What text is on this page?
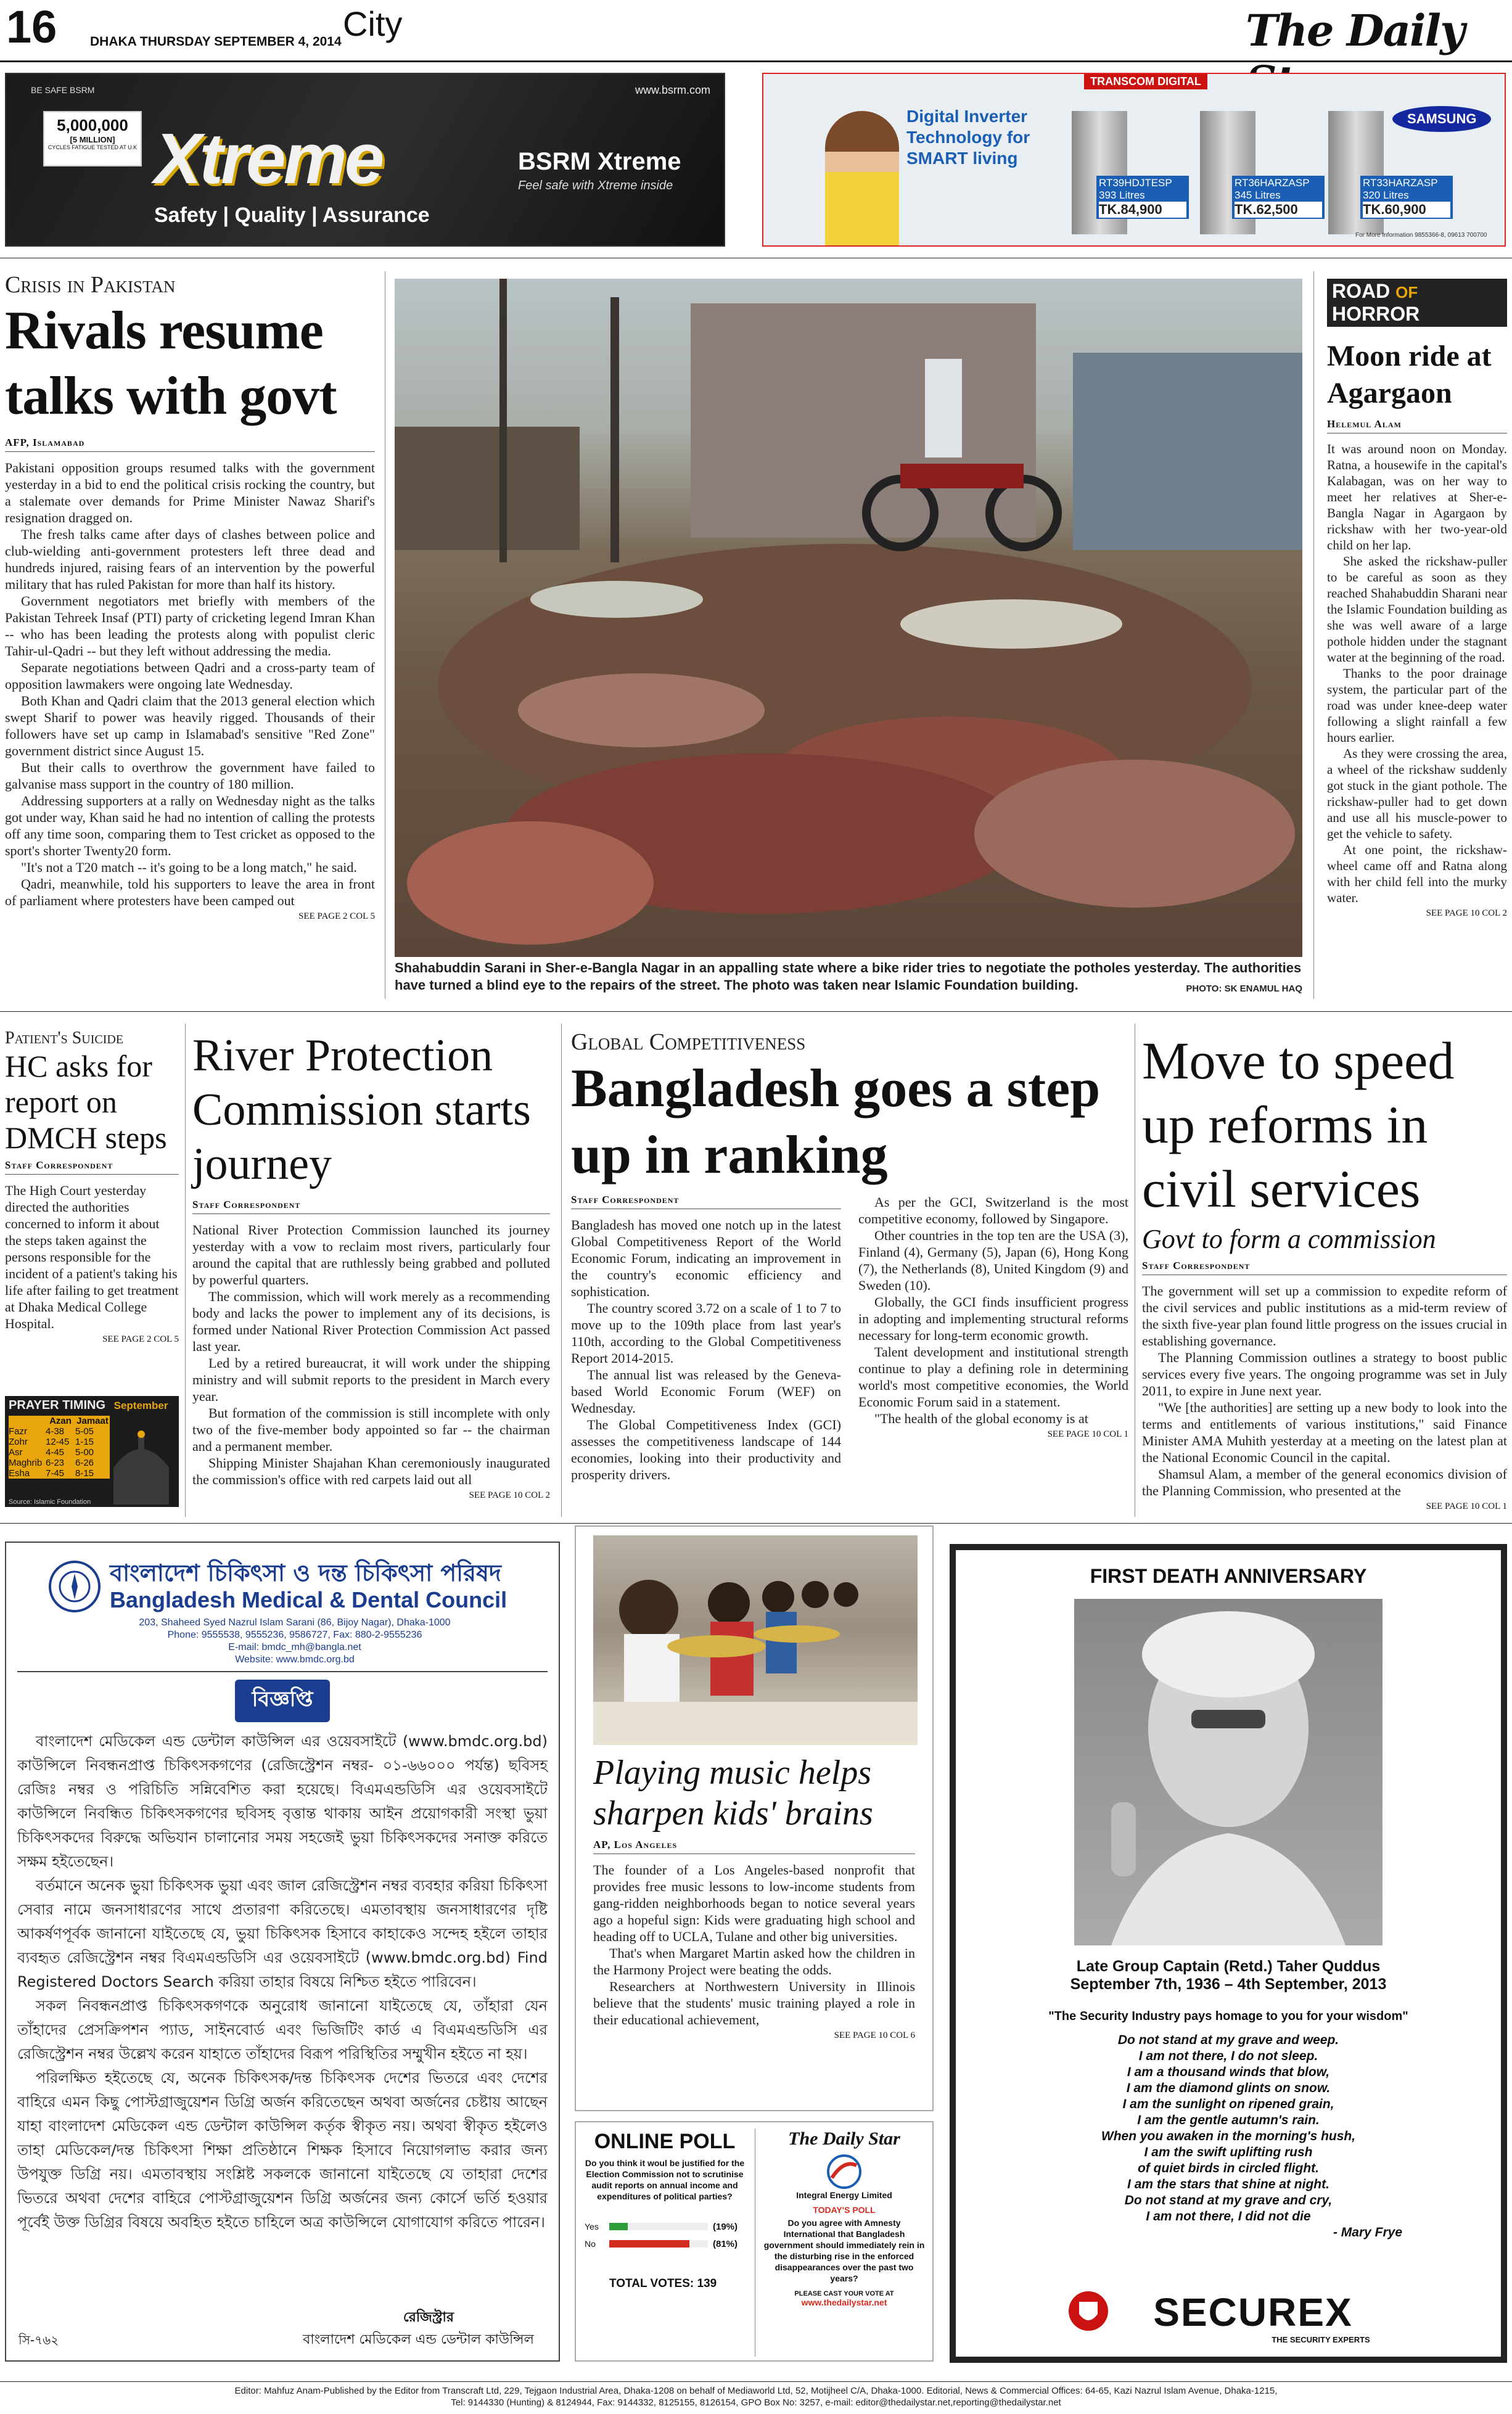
16	DHAKA THURSDAY SEPTEMBER 4, 2014 City	The Daily
BE SAFE BSRM	www.bsrm.com
5,000,000
[5 MILLION]
CYCLES FATIGUE TESTED AT U.K Xtreme
Safety | Quality | Assurance
BSRM Xtreme
Feel safe with Xtreme inside
TRANSCOM DIGITAL
Digital Inverter Technology for SMART living
SAMSUNG
RT39HDJTESP
393 Litres
TK.84,900
RT36HARZASP
345 Litres
TK.62,500
RT33HARZASP
320 Litres
TK.60,900
For More Information 9855366-8, 09613 700700
Crisis in Pakistan
Rivals resume talks with govt
AFP, Islamabad

Pakistani opposition groups resumed talks with the government yesterday in a bid to end the political crisis rocking the country, but a stalemate over demands for Prime Minister Nawaz Sharif's resignation dragged on.

The fresh talks came after days of clashes between police and club-wielding anti-government protesters left three dead and hundreds injured, raising fears of an intervention by the powerful military that has ruled Pakistan for more than half its history.

Government negotiators met briefly with members of the Pakistan Tehreek Insaf (PTI) party of cricketing legend Imran Khan -- who has been leading the protests along with populist cleric Tahir-ul-Qadri -- but they left without addressing the media.

Separate negotiations between Qadri and a cross-party team of opposition lawmakers were ongoing late Wednesday.

Both Khan and Qadri claim that the 2013 general election which swept Sharif to power was heavily rigged. Thousands of their followers have set up camp in Islamabad's sensitive "Red Zone" government district since August 15.

But their calls to overthrow the government have failed to galvanise mass support in the country of 180 million.

Addressing supporters at a rally on Wednesday night as the talks got under way, Khan said he had no intention of calling the protests off any time soon, comparing them to Test cricket as opposed to the sport's shorter Twenty20 form.

"It's not a T20 match -- it's going to be a long match," he said.

Qadri, meanwhile, told his supporters to leave the area in front of parliament where protesters have been camped out

SEE PAGE 2 COL 5
Shahabuddin Sarani in Sher-e-Bangla Nagar in an appalling state where a bike rider tries to negotiate the potholes yesterday. The authorities have turned a blind eye to the repairs of the street. The photo was taken near Islamic Foundation building.	PHOTO: SK ENAMUL HAQ
ROAD OF HORROR
Moon ride at Agargaon
Helemul Alam

It was around noon on Monday. Ratna, a housewife in the capital's Kalabagan, was on her way to meet her relatives at Sher-e-Bangla Nagar in Agargaon by rickshaw with her two-year-old child on her lap.

She asked the rickshaw-puller to be careful as soon as they reached Shahabuddin Sharani near the Islamic Foundation building as she was well aware of a large pothole hidden under the stagnant water at the beginning of the road.

Thanks to the poor drainage system, the particular part of the road was under knee-deep water following a slight rainfall a few hours earlier.

As they were crossing the area, a wheel of the rickshaw suddenly got stuck in the giant pothole. The rickshaw-puller had to get down and use all his muscle-power to get the vehicle to safety.

At one point, the rickshaw-wheel came off and Ratna along with her child fell into the murky water.

SEE PAGE 10 COL 2
Patient's Suicide
HC asks for report on DMCH steps
Staff Correspondent

The High Court yesterday directed the authorities concerned to inform it about the steps taken against the persons responsible for the incident of a patient's taking his life after failing to get treatment at Dhaka Medical College Hospital.

SEE PAGE 2 COL 5
PRAYER TIMING September
	Azan	Jamaat
Fazr	4-38	5-05
Zohr	12-45	1-15
Asr	4-45	5-00
Maghrib	6-23	6-26
Esha	7-45	8-15
Source: Islamic Foundation
River Protection Commission starts journey
Staff Correspondent

National River Protection Commission launched its journey yesterday with a vow to reclaim most rivers, particularly four around the capital that are ruthlessly being grabbed and polluted by powerful quarters.

The commission, which will work merely as a recommending body and lacks the power to implement any of its decisions, is formed under National River Protection Commission Act passed last year.

Led by a retired bureaucrat, it will work under the shipping ministry and will submit reports to the president in March every year.

But formation of the commission is still incomplete with only two of the five-member body appointed so far -- the chairman and a permanent member.

Shipping Minister Shajahan Khan ceremoniously inaugurated the commission's office with red carpets laid out all

SEE PAGE 10 COL 2
Global Competitiveness
Bangladesh goes a step up in ranking
Staff Correspondent

Bangladesh has moved one notch up in the latest Global Competitiveness Report of the World Economic Forum, indicating an improvement in the country's economic efficiency and sophistication.

The country scored 3.72 on a scale of 1 to 7 to move up to the 109th place from last year's 110th, according to the Global Competitiveness Report 2014-2015.

The annual list was released by the Geneva-based World Economic Forum (WEF) on Wednesday.

The Global Competitiveness Index (GCI) assesses the competitiveness landscape of 144 economies, looking into their productivity and prosperity drivers.

As per the GCI, Switzerland is the most competitive economy, followed by Singapore.

Other countries in the top ten are the USA (3), Finland (4), Germany (5), Japan (6), Hong Kong (7), the Netherlands (8), United Kingdom (9) and Sweden (10).

Globally, the GCI finds insufficient progress in adopting and implementing structural reforms necessary for long-term economic growth.

Talent development and institutional strength continue to play a defining role in determining world's most competitive economies, the World Economic Forum said in a statement.

"The health of the global economy is at

SEE PAGE 10 COL 1
Move to speed up reforms in civil services
Govt to form a commission
Staff Correspondent

The government will set up a commission to expedite reform of the civil services and public institutions as a mid-term review of the sixth five-year plan found little progress on the issues crucial in establishing governance.

The Planning Commission outlines a strategy to boost public services every five years. The ongoing programme was set in July 2011, to expire in June next year.

"We [the authorities] are setting up a new body to look into the terms and entitlements of various institutions," said Finance Minister AMA Muhith yesterday at a meeting on the latest plan at the National Economic Council in the capital.

Shamsul Alam, a member of the general economics division of the Planning Commission, who presented at the

SEE PAGE 10 COL 1
বাংলাদেশ চিকিৎসা ও দন্ত চিকিৎসা পরিষদ
Bangladesh Medical & Dental Council
203, Shaheed Syed Nazrul Islam Sarani (86, Bijoy Nagar), Dhaka-1000
Phone: 9555538, 9555236, 9586727, Fax: 880-2-9555236
E-mail: bmdc_mh@bangla.net
Website: www.bmdc.org.bd
বিজ্ঞপ্তি

বাংলাদেশ মেডিকেল এন্ড ডেন্টাল কাউন্সিল এর ওয়েবসাইটে (www.bmdc.org.bd) কাউন্সিলে নিবন্ধনপ্রাপ্ত চিকিৎসকগণের (রেজিস্ট্রেশন নম্বর- ০১-৬৬০০০ পর্যন্ত) ছবিসহ রেজিঃ নম্বর ও পরিচিতি সন্নিবেশিত করা হয়েছে। বিএমএন্ডডিসি এর ওয়েবসাইটে কাউন্সিলে নিবন্ধিত চিকিৎসকগণের ছবিসহ বৃত্তান্ত থাকায় আইন প্রয়োগকারী সংস্থা ভুয়া চিকিৎসকদের বিরুদ্ধে অভিযান চালানোর সময় সহজেই ভুয়া চিকিৎসকদের সনাক্ত করিতে সক্ষম হইতেছেন।

বর্তমানে অনেক ভুয়া চিকিৎসক ভুয়া এবং জাল রেজিস্ট্রেশন নম্বর ব্যবহার করিয়া চিকিৎসা সেবার নামে জনসাধারণের সাথে প্রতারণা করিতেছে। এমতাবস্থায় জনসাধারণের দৃষ্টি আকর্ষণপূর্বক জানানো যাইতেছে যে, ভুয়া চিকিৎসক হিসাবে কাহাকেও সন্দেহ হইলে তাহার ব্যবহৃত রেজিস্ট্রেশন নম্বর বিএমএন্ডডিসি এর ওয়েবসাইটে (www.bmdc.org.bd) Find Registered Doctors Search করিয়া তাহার বিষয়ে নিশ্চিত হইতে পারিবেন।

সকল নিবন্ধনপ্রাপ্ত চিকিৎসকগণকে অনুরোধ জানানো যাইতেছে যে, তাঁহারা যেন তাঁহাদের প্রেসক্রিপশন প্যাড, সাইনবোর্ড এবং ভিজিটিং কার্ড এ বিএমএন্ডডিসি এর রেজিস্ট্রেশন নম্বর উল্লেখ করেন যাহাতে তাঁহাদের বিরূপ পরিস্থিতির সম্মুখীন হইতে না হয়।

পরিলক্ষিত হইতেছে যে, অনেক চিকিৎসক/দন্ত চিকিৎসক দেশের ভিতরে এবং দেশের বাহিরে এমন কিছু পোস্টগ্রাজুয়েশন ডিগ্রি অর্জন করিতেছেন অথবা অর্জনের চেষ্টায় আছেন যাহা বাংলাদেশ মেডিকেল এন্ড ডেন্টাল কাউন্সিল কর্তৃক স্বীকৃত নয়। অথবা স্বীকৃত হইলেও তাহা মেডিকেল/দন্ত চিকিৎসা শিক্ষা প্রতিষ্ঠানে শিক্ষক হিসাবে নিয়োগলাভ করার জন্য উপযুক্ত ডিগ্রি নয়। এমতাবস্থায় সংশ্লিষ্ট সকলকে জানানো যাইতেছে যে তাহারা দেশের ভিতরে অথবা দেশের বাহিরে পোস্টগ্রাজুয়েশন ডিগ্রি অর্জনের জন্য কোর্সে ভর্তি হওয়ার পূর্বেই উক্ত ডিগ্রির বিষয়ে অবহিত হইতে চাহিলে অত্র কাউন্সিলে যোগাযোগ করিতে পারেন।

রেজিস্ট্রার
বাংলাদেশ মেডিকেল এন্ড ডেন্টাল কাউন্সিল
সি-৭৬২
Playing music helps sharpen kids' brains
AP, Los Angeles

The founder of a Los Angeles-based nonprofit that provides free music lessons to low-income students from gang-ridden neighborhoods began to notice several years ago a hopeful sign: Kids were graduating high school and heading off to UCLA, Tulane and other big universities.

That's when Margaret Martin asked how the children in the Harmony Project were beating the odds.

Researchers at Northwestern University in Illinois believe that the students' music training played a role in their educational achievement,

SEE PAGE 10 COL 6
ONLINE POLL
Do you think it woul be justified for the Election Commission not to scrutinise audit reports on annual income and expenditures of political parties?
Yes	(19%)
No	(81%)
TOTAL VOTES: 139
The Daily Star
Integral Energy Limited
TODAY'S POLL
Do you agree with Amnesty International that Bangladesh government should immediately rein in the disturbing rise in the enforced disappearances over the past two years?
PLEASE CAST YOUR VOTE AT
www.thedailystar.net
FIRST DEATH ANNIVERSARY
Late Group Captain (Retd.) Taher Quddus
September 7th, 1936 – 4th September, 2013
"The Security Industry pays homage to you for your wisdom"
Do not stand at my grave and weep.
I am not there, I do not sleep.
I am a thousand winds that blow,
I am the diamond glints on snow.
I am the sunlight on ripened grain,
I am the gentle autumn's rain.
When you awaken in the morning's hush,
I am the swift uplifting rush
of quiet birds in circled flight.
I am the stars that shine at night.
Do not stand at my grave and cry,
I am not there, I did not die
- Mary Frye
SECUREX
THE SECURITY EXPERTS
Editor: Mahfuz Anam-Published by the Editor from Transcraft Ltd, 229, Tejgaon Industrial Area, Dhaka-1208 on behalf of Mediaworld Ltd, 52, Motijheel C/A, Dhaka-1000. Editorial, News & Commercial Offices: 64-65, Kazi Nazrul Islam Avenue, Dhaka-1215,
Tel: 9144330 (Hunting) & 8124944, Fax: 9144332, 8125155, 8126154, GPO Box No: 3257, e-mail: editor@thedailystar.net,reporting@thedailystar.net
